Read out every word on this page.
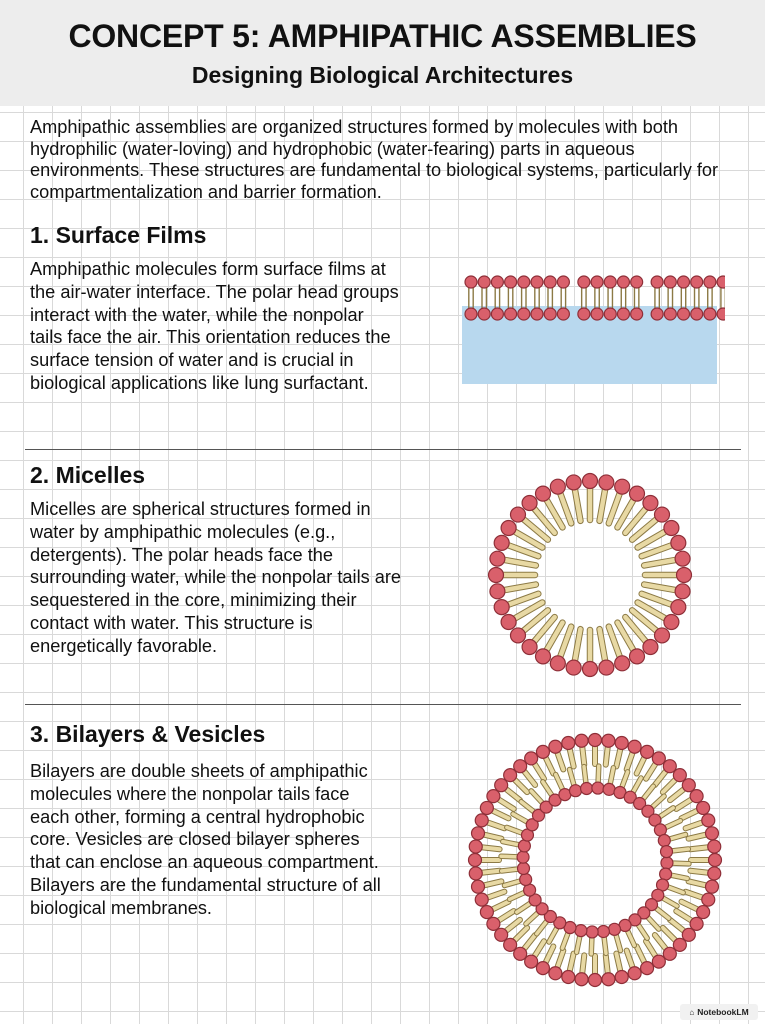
CONCEPT 5: AMPHIPATHIC ASSEMBLIES
Designing Biological Architectures

Amphipathic assemblies are organized structures formed by molecules with both hydrophilic (water-loving) and hydrophobic (water-fearing) parts in aqueous environments. These structures are fundamental to biological systems, particularly for compartmentalization and barrier formation.

1. Surface Films

Amphipathic molecules form surface films at the air-water interface. The polar head groups interact with the water, while the nonpolar tails face the air. This orientation reduces the surface tension of water and is crucial in biological applications like lung surfactant.

2. Micelles

Micelles are spherical structures formed in water by amphipathic molecules (e.g., detergents). The polar heads face the surrounding water, while the nonpolar tails are sequestered in the core, minimizing their contact with water. This structure is energetically favorable.

3. Bilayers & Vesicles

Bilayers are double sheets of amphipathic molecules where the nonpolar tails face each other, forming a central hydrophobic core. Vesicles are closed bilayer spheres that can enclose an aqueous compartment. Bilayers are the fundamental structure of all biological membranes.

⌂ NotebookLM
